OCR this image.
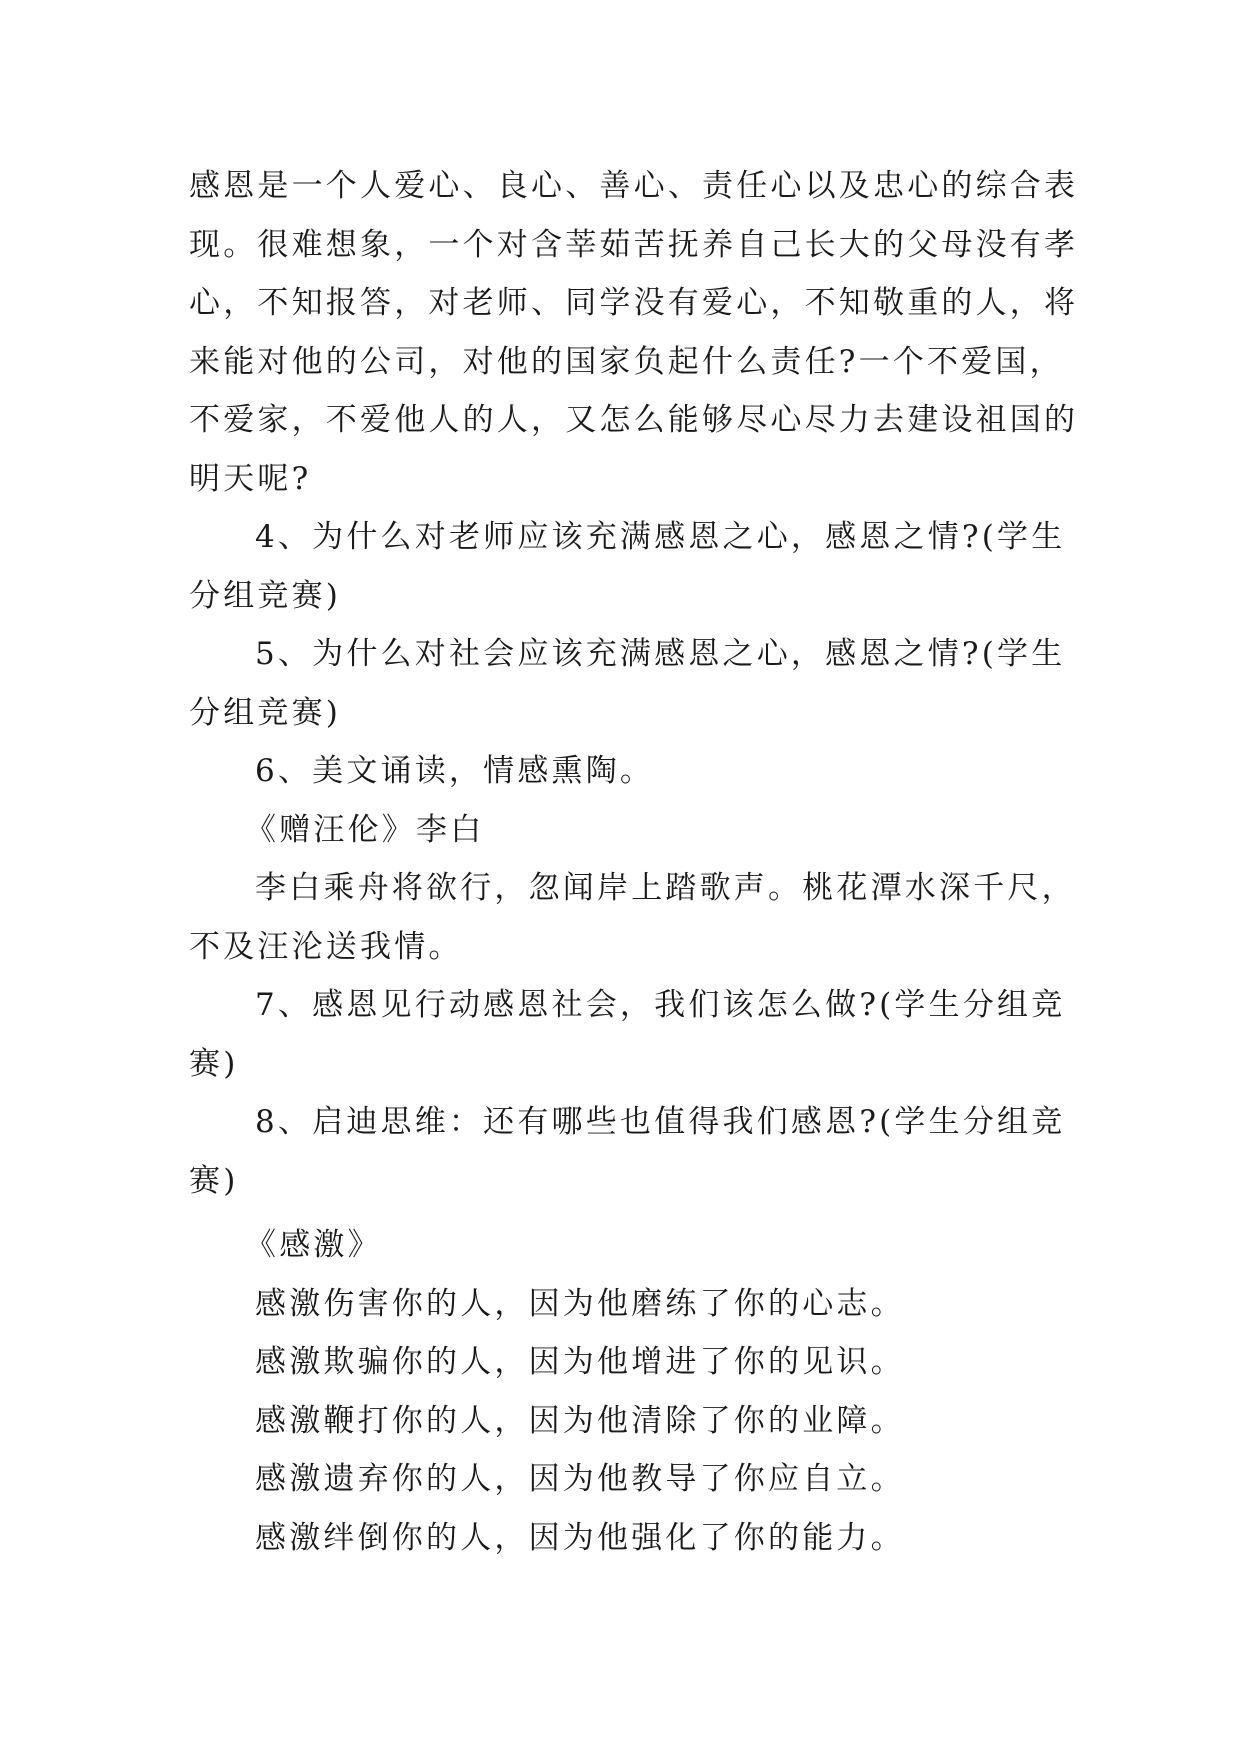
感恩是一个人爱心、良心、善心、责任心以及忠心的综合表
现。很难想象，一个对含莘茹苦抚养自己长大的父母没有孝
心，不知报答，对老师、同学没有爱心，不知敬重的人，将
来能对他的公司，对他的国家负起什么责任?一个不爱国，
不爱家，不爱他人的人，又怎么能够尽心尽力去建设祖国的
明天呢?
4、为什么对老师应该充满感恩之心，感恩之情?(学生
分组竞赛)
5、为什么对社会应该充满感恩之心，感恩之情?(学生
分组竞赛)
6、美文诵读，情感熏陶。
《赠汪伦》李白
李白乘舟将欲行，忽闻岸上踏歌声。桃花潭水深千尺，
不及汪沦送我情。
7、感恩见行动感恩社会，我们该怎么做?(学生分组竞
赛)
8、启迪思维：还有哪些也值得我们感恩?(学生分组竞
赛)
《感激》
感激伤害你的人，因为他磨练了你的心志。
感激欺骗你的人，因为他增进了你的见识。
感激鞭打你的人，因为他清除了你的业障。
感激遗弃你的人，因为他教导了你应自立。
感激绊倒你的人，因为他强化了你的能力。
